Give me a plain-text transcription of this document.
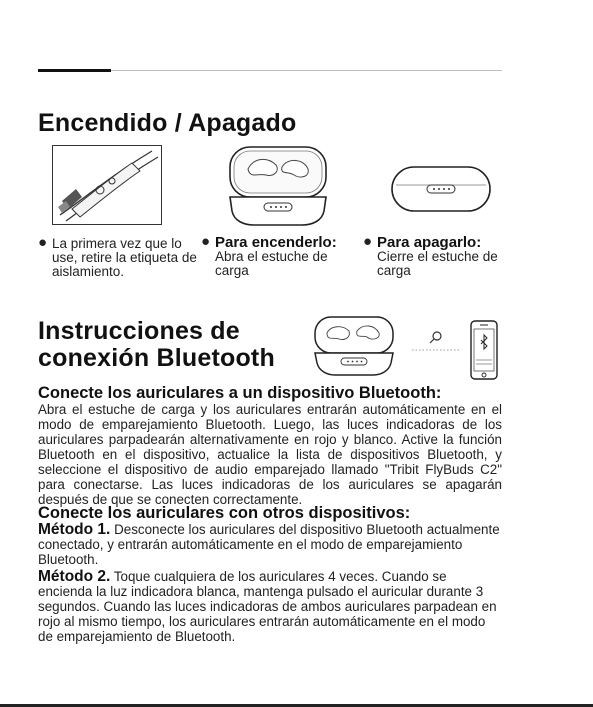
Encendido / Apagado
● La primera vez que lo use, retire la etiqueta de aislamiento.
● Para encenderlo:
Abra el estuche de carga
● Para apagarlo:
Cierre el estuche de carga
Instrucciones de
conexión Bluetooth
Conecte los auriculares a un dispositivo Bluetooth:
Abra el estuche de carga y los auriculares entrarán automáticamente en el modo de emparejamiento Bluetooth. Luego, las luces indicadoras de los auriculares parpadearán alternativamente en rojo y blanco. Active la función Bluetooth en el dispositivo, actualice la lista de dispositivos Bluetooth, y seleccione el dispositivo de audio emparejado llamado "Tribit FlyBuds C2" para conectarse. Las luces indicadoras de los auriculares se apagarán después de que se conecten correctamente.
Conecte los auriculares con otros dispositivos:
Método 1. Desconecte los auriculares del dispositivo Bluetooth actualmente conectado, y entrarán automáticamente en el modo de emparejamiento Bluetooth.
Método 2. Toque cualquiera de los auriculares 4 veces. Cuando se encienda la luz indicadora blanca, mantenga pulsado el auricular durante 3 segundos. Cuando las luces indicadoras de ambos auriculares parpadean en rojo al mismo tiempo, los auriculares entrarán automáticamente en el modo de emparejamiento de Bluetooth.
